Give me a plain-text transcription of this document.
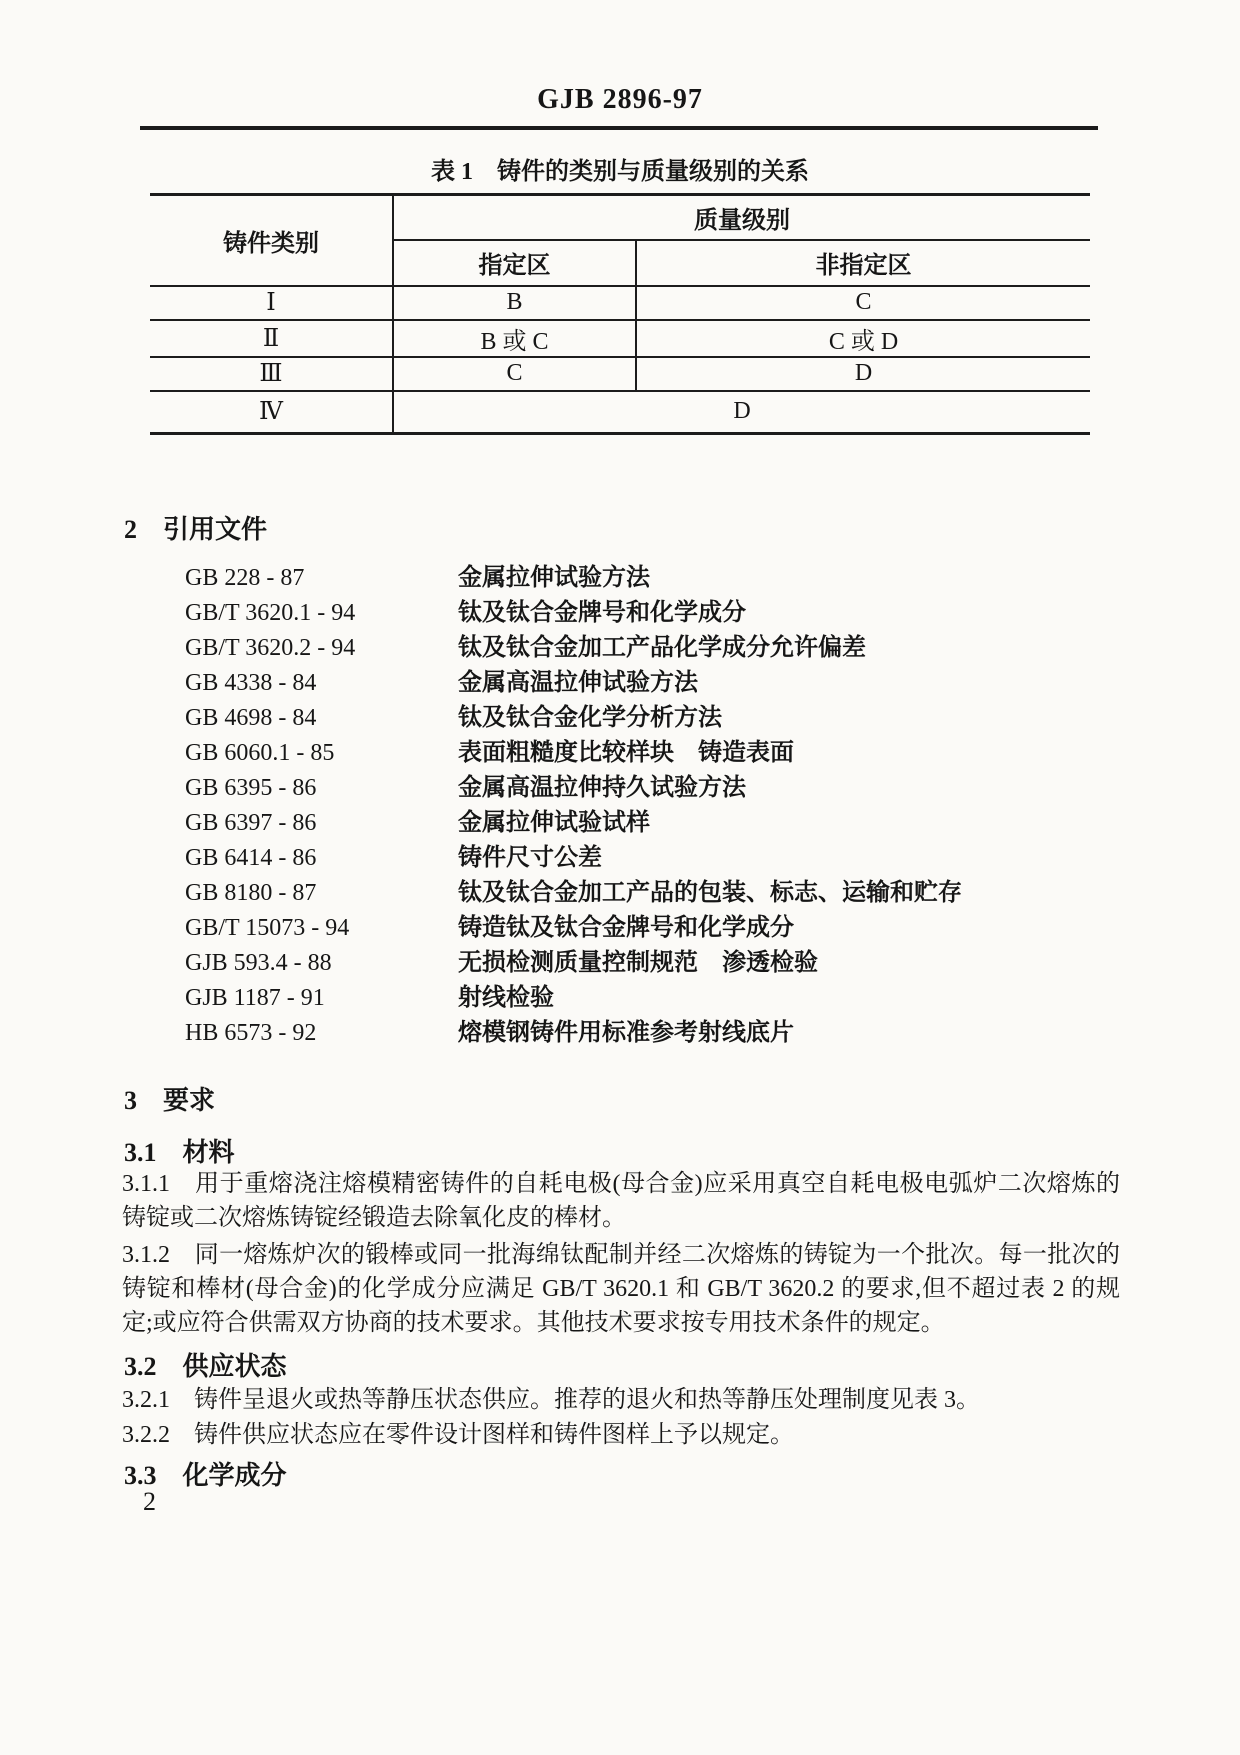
GJB 2896-97
表 1　铸件的类别与质量级别的关系
铸件类别	质量级别	
	指定区	非指定区
Ⅰ	B	C
Ⅱ	B 或 C	C 或 D
Ⅲ	C	D
Ⅳ	D	
2　引用文件
GB 228 - 87	金属拉伸试验方法
GB/T 3620.1 - 94	钛及钛合金牌号和化学成分
GB/T 3620.2 - 94	钛及钛合金加工产品化学成分允许偏差
GB 4338 - 84	金属高温拉伸试验方法
GB 4698 - 84	钛及钛合金化学分析方法
GB 6060.1 - 85	表面粗糙度比较样块　铸造表面
GB 6395 - 86	金属高温拉伸持久试验方法
GB 6397 - 86	金属拉伸试验试样
GB 6414 - 86	铸件尺寸公差
GB 8180 - 87	钛及钛合金加工产品的包装、标志、运输和贮存
GB/T 15073 - 94	铸造钛及钛合金牌号和化学成分
GJB 593.4 - 88	无损检测质量控制规范　渗透检验
GJB 1187 - 91	射线检验
HB 6573 - 92	熔模钢铸件用标准参考射线底片
3　要求
3.1　材料
3.1.1　用于重熔浇注熔模精密铸件的自耗电极(母合金)应采用真空自耗电极电弧炉二次熔炼的铸锭或二次熔炼铸锭经锻造去除氧化皮的棒材。
3.1.2　同一熔炼炉次的锻棒或同一批海绵钛配制并经二次熔炼的铸锭为一个批次。每一批次的铸锭和棒材(母合金)的化学成分应满足 GB/T 3620.1 和 GB/T 3620.2 的要求,但不超过表 2 的规定;或应符合供需双方协商的技术要求。其他技术要求按专用技术条件的规定。
3.2　供应状态
3.2.1　铸件呈退火或热等静压状态供应。推荐的退火和热等静压处理制度见表 3。
3.2.2　铸件供应状态应在零件设计图样和铸件图样上予以规定。
3.3　化学成分
2
